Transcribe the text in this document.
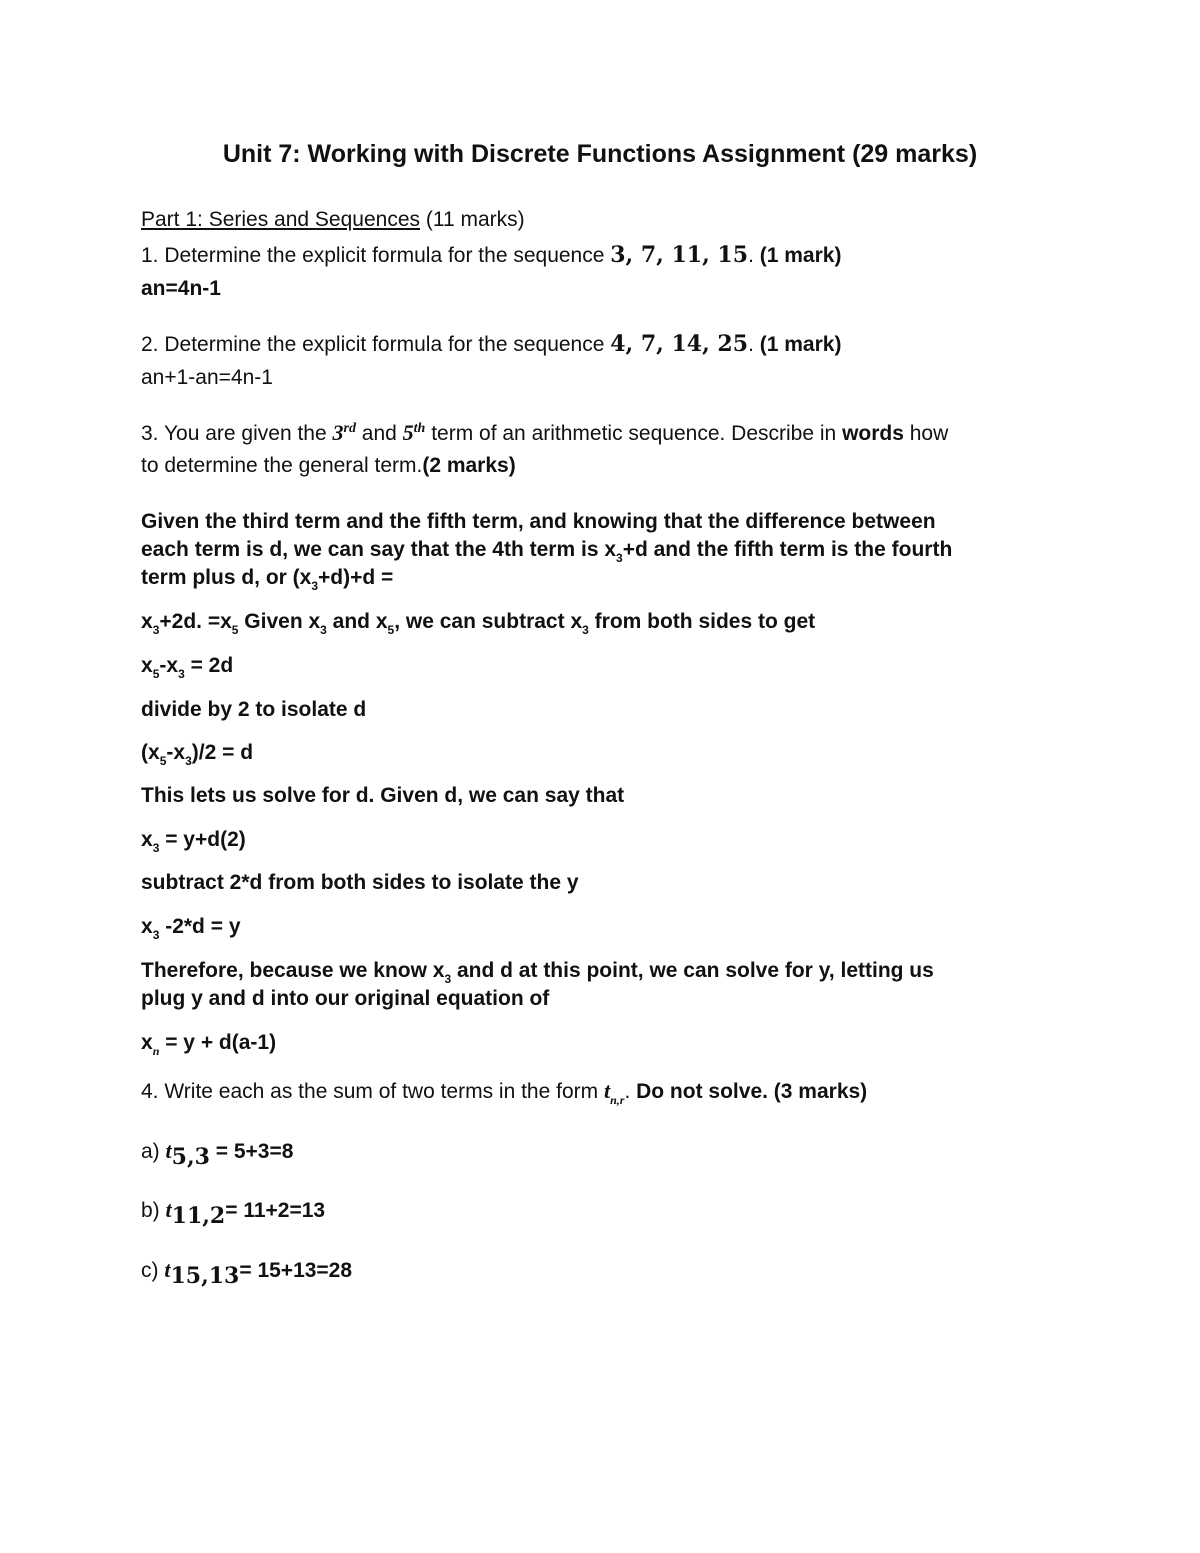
Unit 7: Working with Discrete Functions Assignment (29 marks)
Part 1: Series and Sequences (11 marks)
1. Determine the explicit formula for the sequence 3, 7, 11, 15. (1 mark)
an=4n-1
2. Determine the explicit formula for the sequence 4, 7, 14, 25. (1 mark)
an+1-an=4n-1
3. You are given the 3rd and 5th term of an arithmetic sequence. Describe in words how
to determine the general term.(2 marks)
Given the third term and the fifth term, and knowing that the difference between
each term is d, we can say that the 4th term is $x_3+d$ and the fifth term is the fourth
term plus d, or $(x_3+d)+d$ =
$x_3+2d$. $=x_5$ Given $x_3$ and $x_5$, we can subtract $x_3$ from both sides to get
$x_5-x_3 = 2d$
divide by 2 to isolate d
$(x_5-x_3)/2 = d$
This lets us solve for d. Given d, we can say that
$x_3 = y+d(2)$
subtract 2*d from both sides to isolate the y
$x_3$ -2*d = y
Therefore, because we know $x_3$ and d at this point, we can solve for y, letting us
plug y and d into our original equation of
$x_n = y + d(a-1)$
4. Write each as the sum of two terms in the form $t_{n,r}$. Do not solve. (3 marks)
a) $t_{5,3} = 5+3=8$
b) $t_{11,2}= 11+2=13$
c) $t_{15,13}= 15+13=28$
